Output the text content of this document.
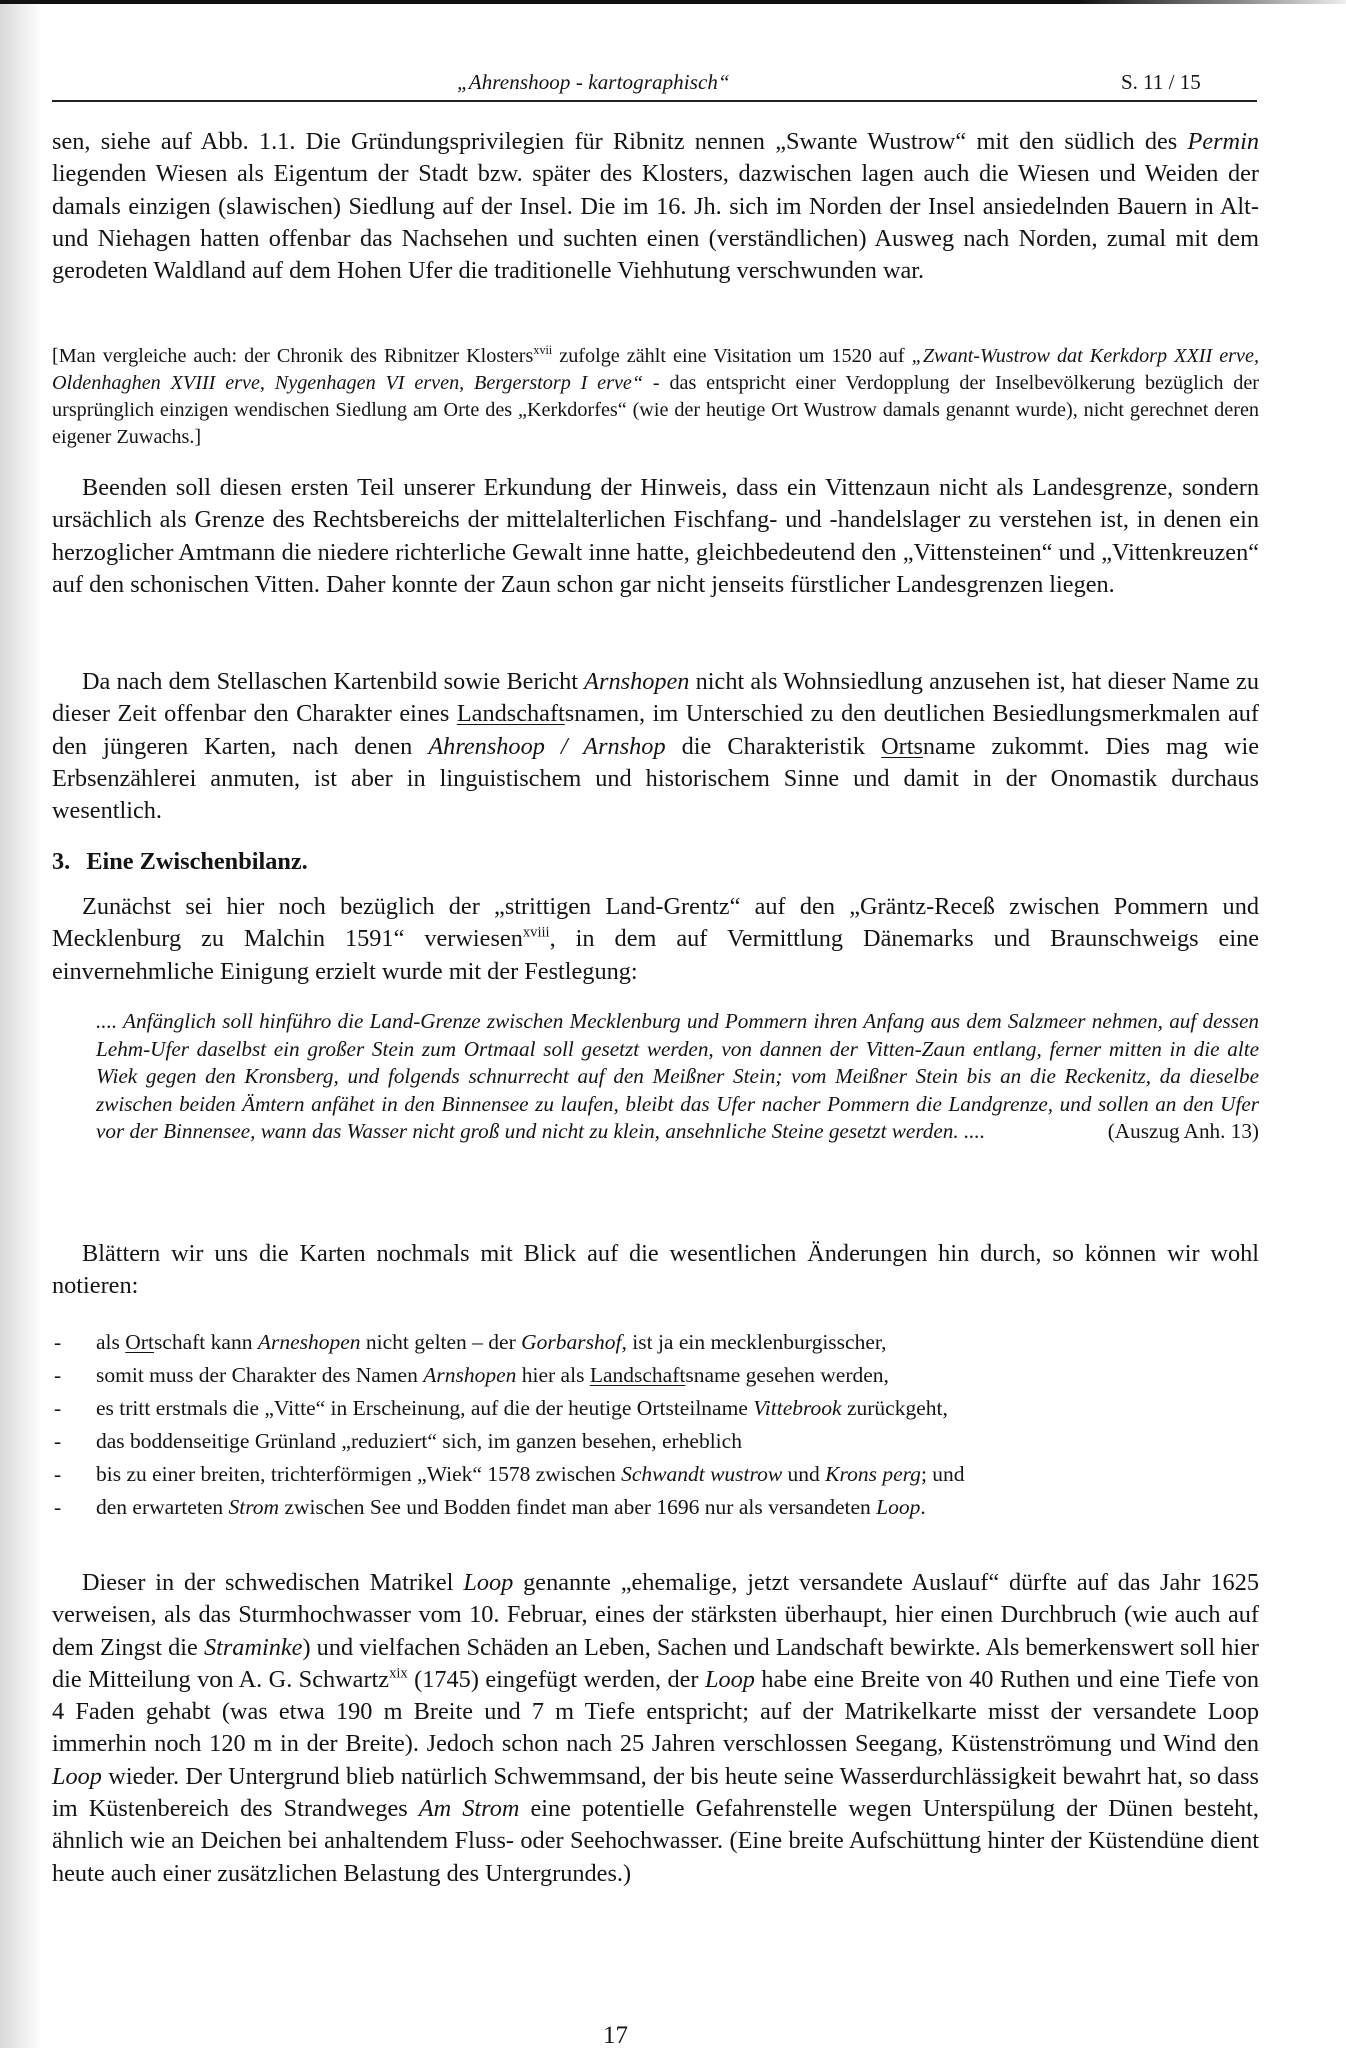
„Ahrenshoop - kartographisch“	S. 11 / 15

sen, siehe auf Abb. 1.1. Die Gründungsprivilegien für Ribnitz nennen „Swante Wustrow“ mit den südlich des Permin liegenden Wiesen als Eigentum der Stadt bzw. später des Klosters, dazwischen lagen auch die Wiesen und Weiden der damals einzigen (slawischen) Siedlung auf der Insel. Die im 16. Jh. sich im Norden der Insel ansiedelnden Bauern in Alt- und Niehagen hatten offenbar das Nachsehen und suchten einen (verständlichen) Ausweg nach Norden, zumal mit dem gerodeten Waldland auf dem Hohen Ufer die traditionelle Viehhutung verschwunden war.

[Man vergleiche auch: der Chronik des Ribnitzer Klosters$^{xvii}$ zufolge zählt eine Visitation um 1520 auf „Zwant-Wustrow dat Kerkdorp XXII erve, Oldenhaghen XVIII erve, Nygenhagen VI erven, Bergerstorp I erve“ - das entspricht einer Verdopplung der Inselbevölkerung bezüglich der ursprünglich einzigen wendischen Siedlung am Orte des „Kerkdorfes“ (wie der heutige Ort Wustrow damals genannt wurde), nicht gerechnet deren eigener Zuwachs.]

Beenden soll diesen ersten Teil unserer Erkundung der Hinweis, dass ein Vittenzaun nicht als Landesgrenze, sondern ursächlich als Grenze des Rechtsbereichs der mittelalterlichen Fischfang- und -handelslager zu verstehen ist, in denen ein herzoglicher Amtmann die niedere richterliche Gewalt inne hatte, gleichbedeutend den „Vittensteinen“ und „Vittenkreuzen“ auf den schonischen Vitten. Daher konnte der Zaun schon gar nicht jenseits fürstlicher Landesgrenzen liegen.

Da nach dem Stellaschen Kartenbild sowie Bericht Arnshopen nicht als Wohnsiedlung anzusehen ist, hat dieser Name zu dieser Zeit offenbar den Charakter eines Landschaftsnamen, im Unterschied zu den deutlichen Besiedlungsmerkmalen auf den jüngeren Karten, nach denen Ahrenshoop / Arnshop die Charakteristik Ortsname zukommt. Dies mag wie Erbsenzählerei anmuten, ist aber in linguistischem und historischem Sinne und damit in der Onomastik durchaus wesentlich.

3. Eine Zwischenbilanz.

Zunächst sei hier noch bezüglich der „strittigen Land-Grentz“ auf den „Gräntz-Receß zwischen Pommern und Mecklenburg zu Malchin 1591“ verwiesen$^{xviii}$, in dem auf Vermittlung Dänemarks und Braunschweigs eine einvernehmliche Einigung erzielt wurde mit der Festlegung:

.... Anfänglich soll hinführo die Land-Grenze zwischen Mecklenburg und Pommern ihren Anfang aus dem Salzmeer nehmen, auf dessen Lehm-Ufer daselbst ein großer Stein zum Ortmaal soll gesetzt werden, von dannen der Vitten-Zaun entlang, ferner mitten in die alte Wiek gegen den Kronsberg, und folgends schnurrecht auf den Meißner Stein; vom Meißner Stein bis an die Reckenitz, da dieselbe zwischen beiden Ämtern anfähet in den Binnensee zu laufen, bleibt das Ufer nacher Pommern die Landgrenze, und sollen an den Ufer vor der Binnensee, wann das Wasser nicht groß und nicht zu klein, ansehnliche Steine gesetzt werden. ....	(Auszug Anh. 13)

Blättern wir uns die Karten nochmals mit Blick auf die wesentlichen Änderungen hin durch, so können wir wohl notieren:

- als Ortschaft kann Arneshopen nicht gelten – der Gorbarshof, ist ja ein mecklenburgisscher,
- somit muss der Charakter des Namen Arnshopen hier als Landschaftsname gesehen werden,
- es tritt erstmals die „Vitte“ in Erscheinung, auf die der heutige Ortsteilname Vittebrook zurückgeht,
- das boddenseitige Grünland „reduziert“ sich, im ganzen besehen, erheblich
- bis zu einer breiten, trichterförmigen „Wiek“ 1578 zwischen Schwandt wustrow und Krons perg; und
- den erwarteten Strom zwischen See und Bodden findet man aber 1696 nur als versandeten Loop.

Dieser in der schwedischen Matrikel Loop genannte „ehemalige, jetzt versandete Auslauf“ dürfte auf das Jahr 1625 verweisen, als das Sturmhochwasser vom 10. Februar, eines der stärksten überhaupt, hier einen Durchbruch (wie auch auf dem Zingst die Straminke) und vielfachen Schäden an Leben, Sachen und Landschaft bewirkte. Als bemerkenswert soll hier die Mitteilung von A. G. Schwartz$^{xix}$ (1745) eingefügt werden, der Loop habe eine Breite von 40 Ruthen und eine Tiefe von 4 Faden gehabt (was etwa 190 m Breite und 7 m Tiefe entspricht; auf der Matrikelkarte misst der versandete Loop immerhin noch 120 m in der Breite). Jedoch schon nach 25 Jahren verschlossen Seegang, Küstenströmung und Wind den Loop wieder. Der Untergrund blieb natürlich Schwemmsand, der bis heute seine Wasserdurchlässigkeit bewahrt hat, so dass im Küstenbereich des Strandweges Am Strom eine potentielle Gefahrenstelle wegen Unterspülung der Dünen besteht, ähnlich wie an Deichen bei anhaltendem Fluss- oder Seehochwasser. (Eine breite Aufschüttung hinter der Küstendüne dient heute auch einer zusätzlichen Belastung des Untergrundes.)

17
